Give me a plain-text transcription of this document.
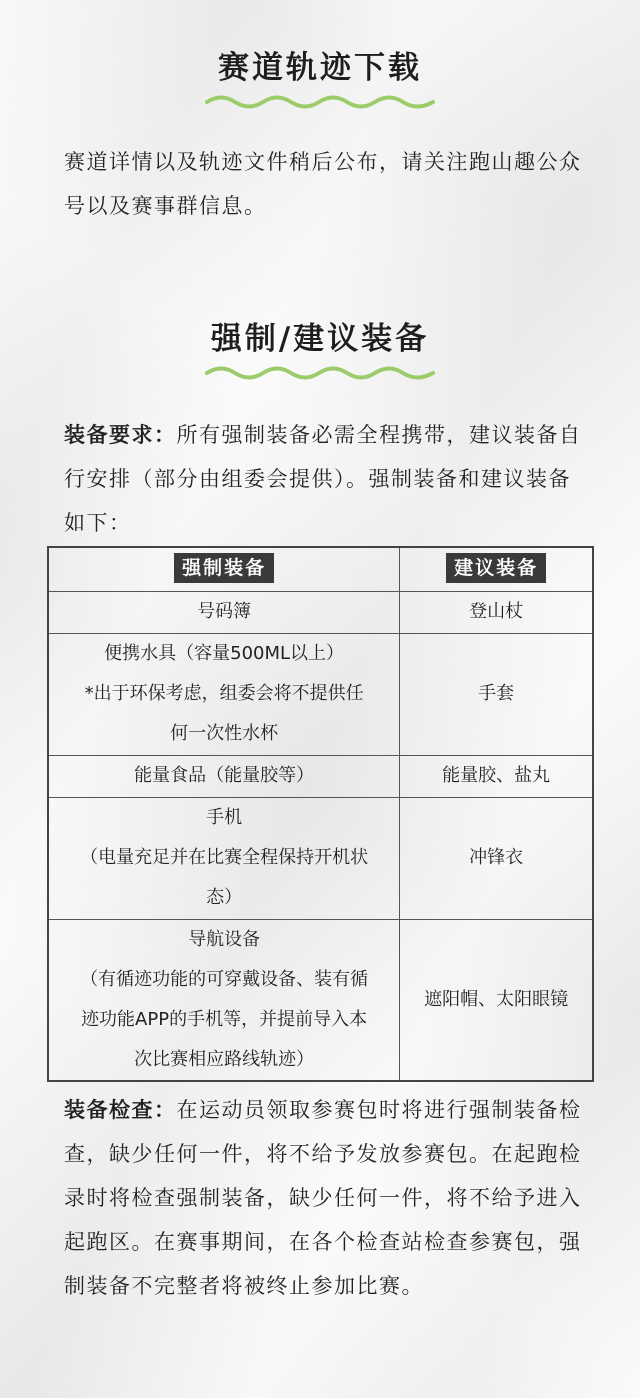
赛道轨迹下载
赛道详情以及轨迹文件稍后公布，请关注跑山趣公众号以及赛事群信息。
强制/建议装备
装备要求：所有强制装备必需全程携带，建议装备自行安排（部分由组委会提供）。强制装备和建议装备如下：
强制装备	建议装备

号码簿	登山杖

便携水具（容量500ML以上）
*出于环保考虑，组委会将不提供任
何一次性水杯	手套

能量食品（能量胶等）	能量胶、盐丸

手机
（电量充足并在比赛全程保持开机状
态）	冲锋衣

导航设备
（有循迹功能的可穿戴设备、装有循
迹功能APP的手机等，并提前导入本
次比赛相应路线轨迹）	遮阳帽、太阳眼镜
装备检查：在运动员领取参赛包时将进行强制装备检查，缺少任何一件，将不给予发放参赛包。在起跑检录时将检查强制装备，缺少任何一件，将不给予进入起跑区。在赛事期间，在各个检查站检查参赛包，强制装备不完整者将被终止参加比赛。
